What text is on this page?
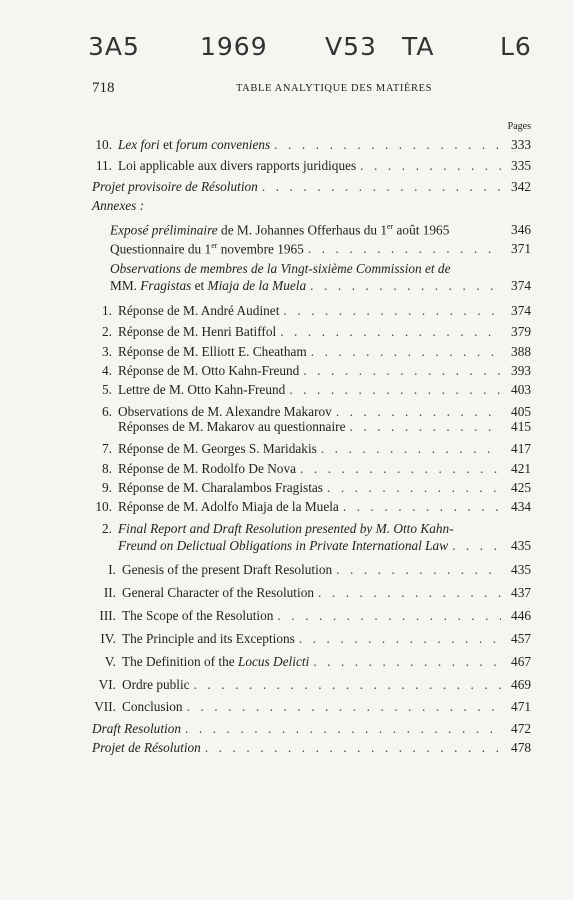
3A5 1969 V53 TA	L6
718	TABLE ANALYTIQUE DES MATIÈRES
Pages
10. Lex fori et forum conveniens . . .	333
11. Loi applicable aux divers rapports juridiques . . .	335
Projet provisoire de Résolution . . .	342
Annexes :
Exposé préliminaire de M. Johannes Offerhaus du 1er août 1965	346
Questionnaire du 1er novembre 1965 . . .	371
Observations de membres de la Vingt-sixième Commission et de
MM. Fragistas et Miaja de la Muela . . .	374
1. Réponse de M. André Audinet . . .	374
2. Réponse de M. Henri Batiffol . . .	379
3. Réponse de M. Elliott E. Cheatham . . .	388
4. Réponse de M. Otto Kahn-Freund . . .	393
5. Lettre de M. Otto Kahn-Freund . . .	403
6. Observations de M. Alexandre Makarov . . .	405
Réponses de M. Makarov au questionnaire . . .	415
7. Réponse de M. Georges S. Maridakis . . .	417
8. Réponse de M. Rodolfo De Nova . . .	421
9. Réponse de M. Charalambos Fragistas . . .	425
10. Réponse de M. Adolfo Miaja de la Muela . . .	434
2. Final Report and Draft Resolution presented by M. Otto Kahn-
Freund on Delictual Obligations in Private International Law . . .	435
I. Genesis of the present Draft Resolution . . .	435
II. General Character of the Resolution . . .	437
III. The Scope of the Resolution . . .	446
IV. The Principle and its Exceptions . . .	457
V. The Definition of the Locus Delicti . . .	467
VI. Ordre public . . .	469
VII. Conclusion . . .	471
Draft Resolution . . .	472
Projet de Résolution . . .	478
